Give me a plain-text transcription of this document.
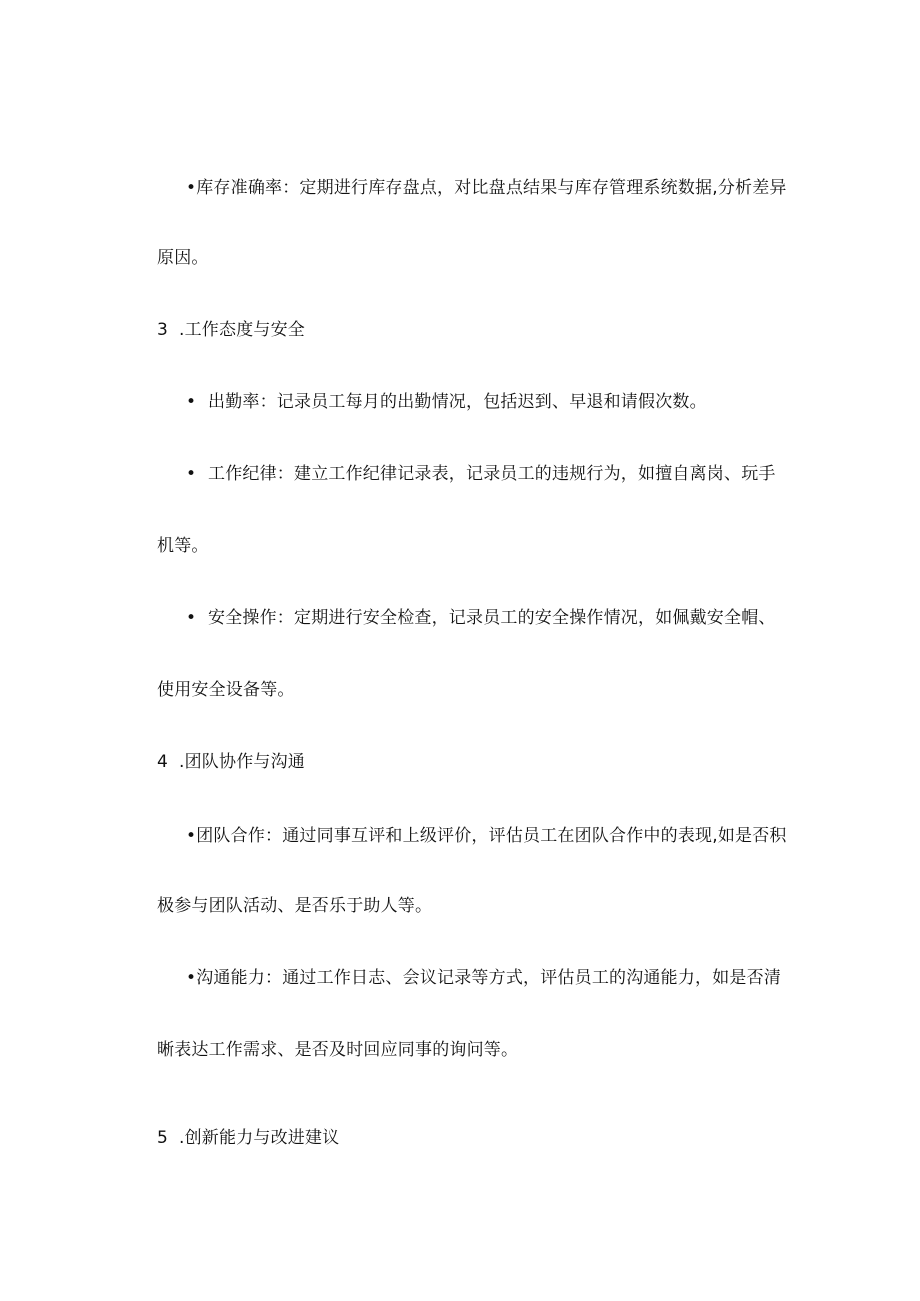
•库存准确率：定期进行库存盘点，对比盘点结果与库存管理系统数据,分析差异
原因。
3 .工作态度与安全
• 出勤率：记录员工每月的出勤情况，包括迟到、早退和请假次数。
• 工作纪律：建立工作纪律记录表，记录员工的违规行为，如擅自离岗、玩手
机等。
• 安全操作：定期进行安全检查，记录员工的安全操作情况，如佩戴安全帽、
使用安全设备等。
4 .团队协作与沟通
•团队合作：通过同事互评和上级评价，评估员工在团队合作中的表现,如是否积
极参与团队活动、是否乐于助人等。
•沟通能力：通过工作日志、会议记录等方式，评估员工的沟通能力，如是否清
晰表达工作需求、是否及时回应同事的询问等。
5 .创新能力与改进建议
